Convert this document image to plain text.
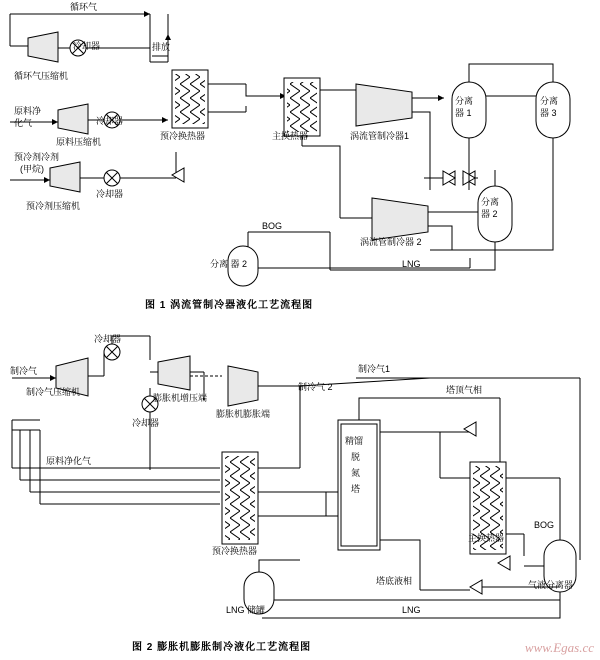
循环气
冷却器
循环气压缩机
排放
原料净
化气	冷却器
原料压缩机
预冷剂冷剂
(甲烷)
冷却器
预冷剂压缩机
预冷换热器	主换热器	涡流管制冷器1
分离
器 1
分离
器 3
分离
器 2
BOG
涡流管制冷器 2
分离 器 2	LNG
图 1 涡流管制冷器液化工艺流程图
制冷气
冷却器
制冷气压缩机
膨胀机增压端
膨胀机膨胀端
冷却器
制冷气1
制冷气 2	塔顶气相
原料净化气
精馏
脱
氮
塔
预冷换热器
主换热器
BOG
气液分离器
塔底液相
LNG 储罐	LNG
图 2 膨胀机膨胀制冷液化工艺流程图	www.Egas.cc
